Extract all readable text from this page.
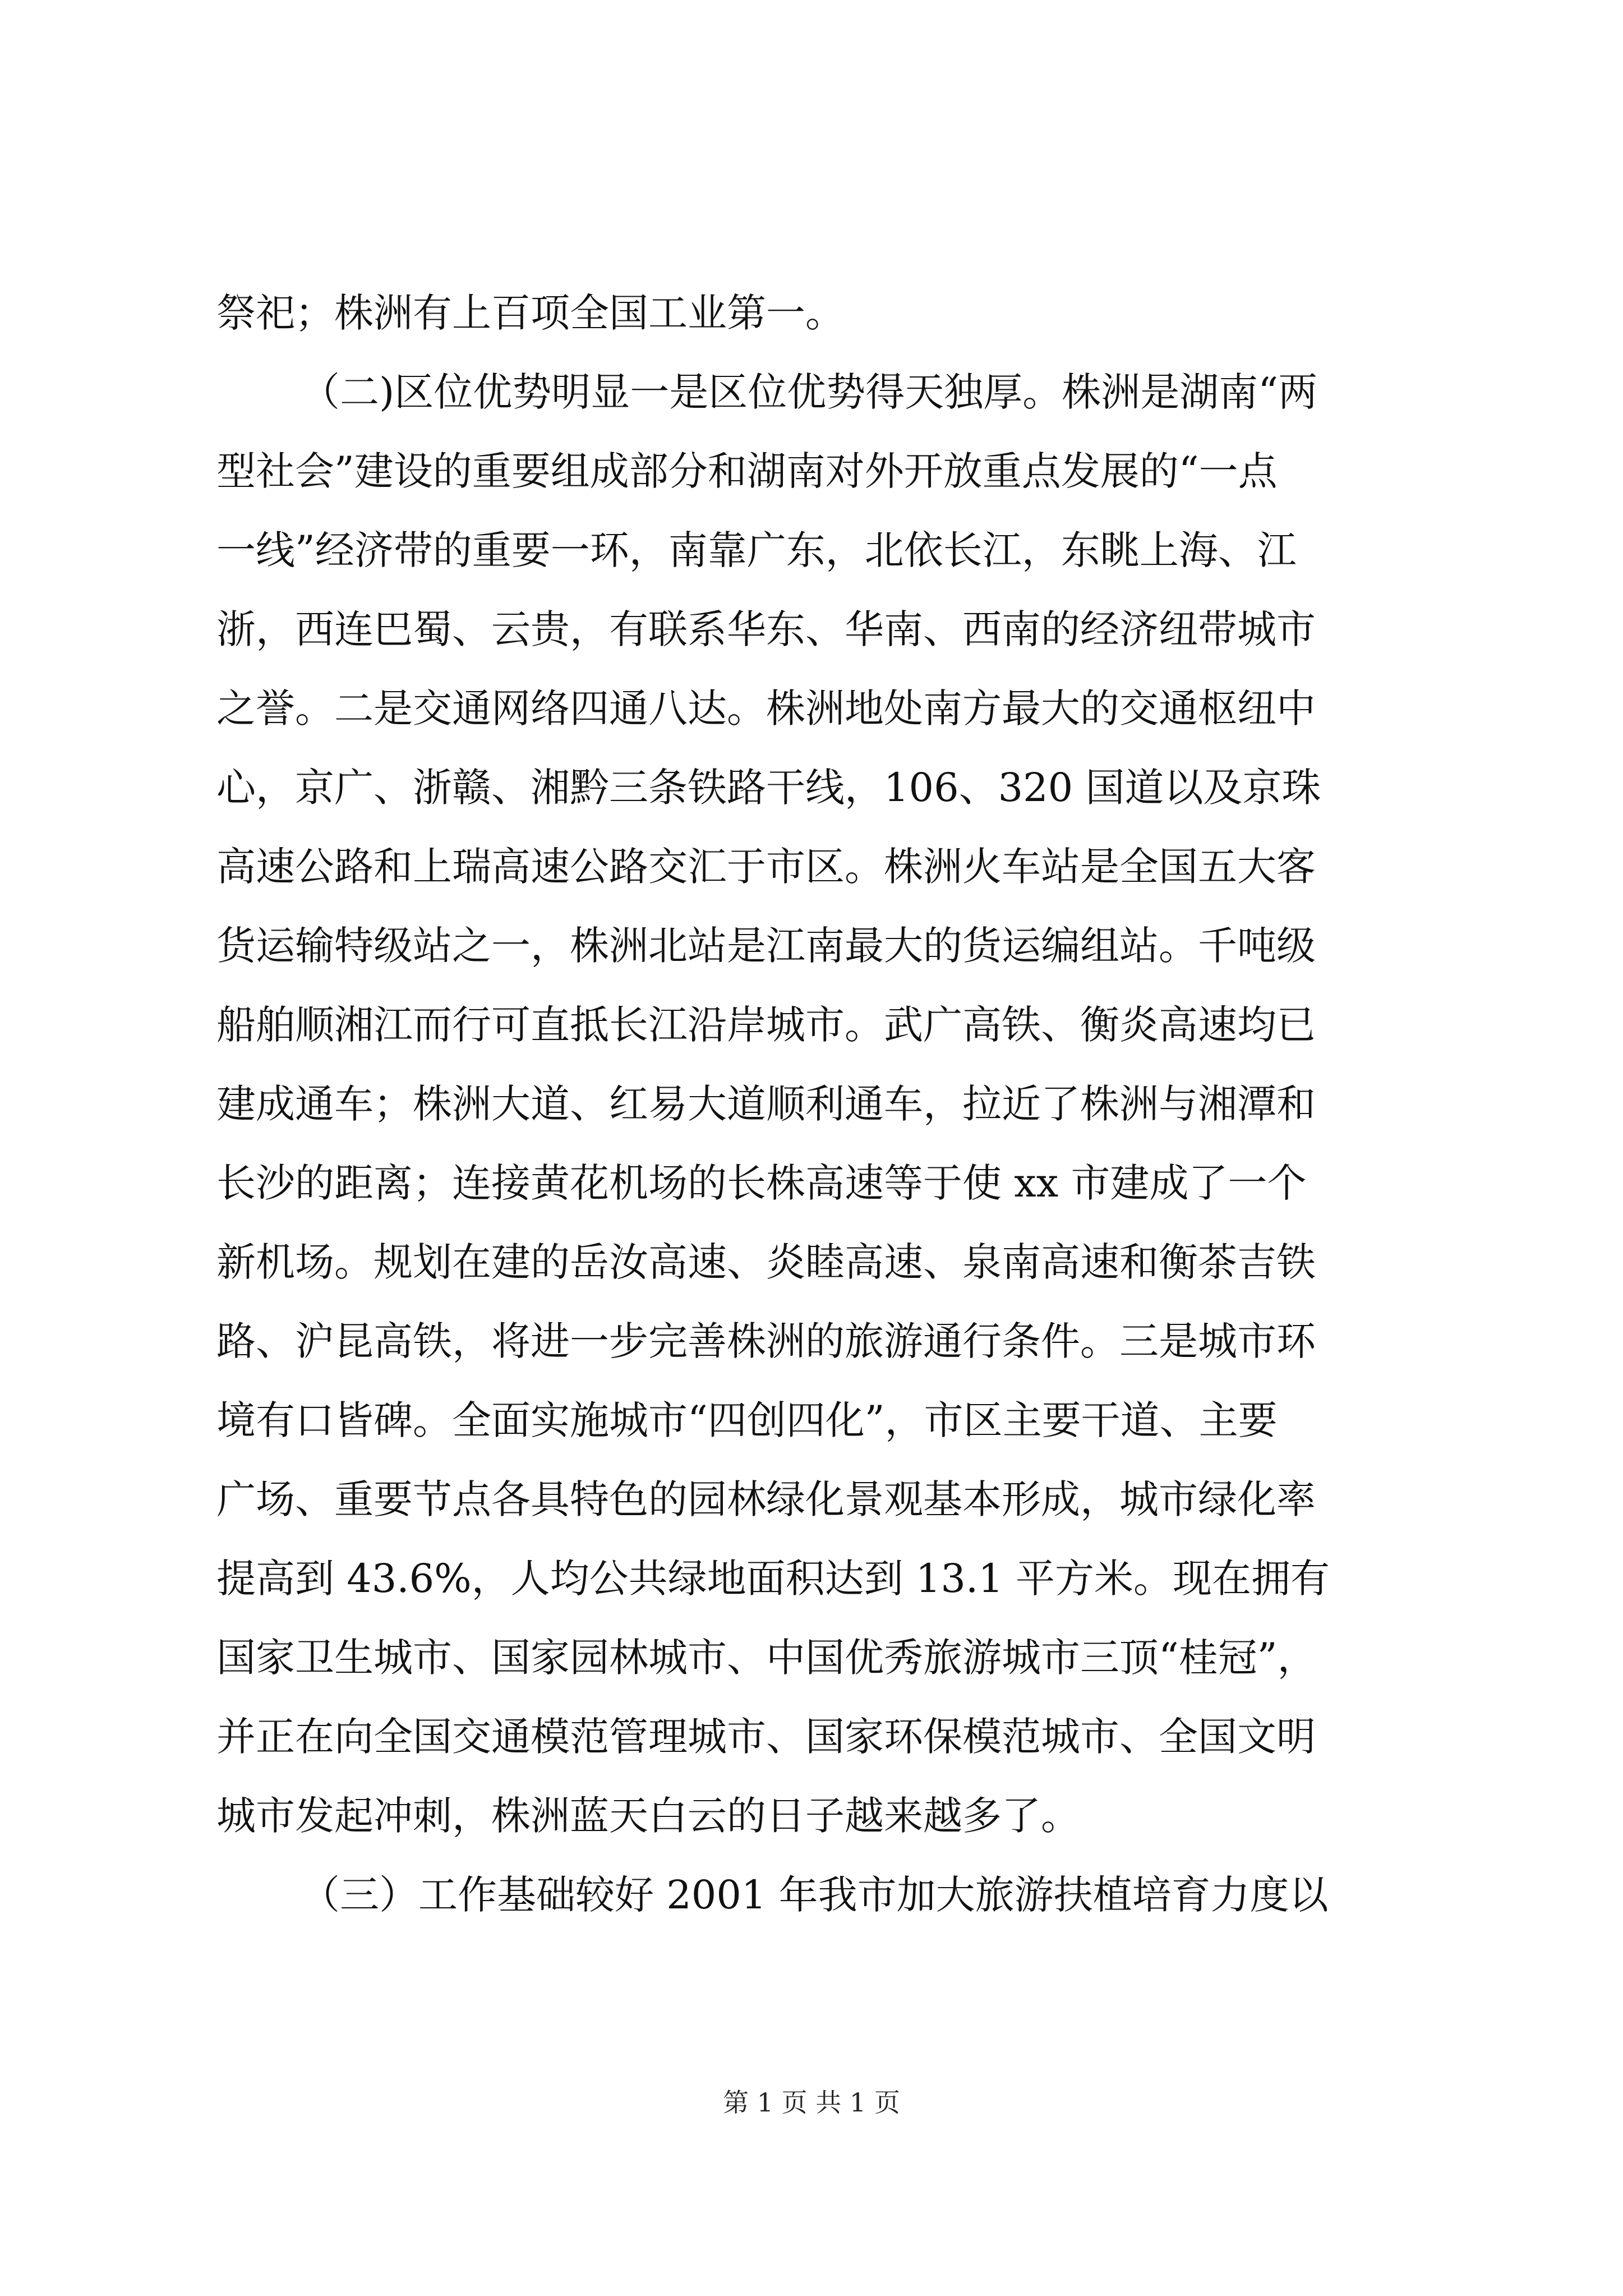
祭祀；株洲有上百项全国工业第一。
（二)区位优势明显一是区位优势得天独厚。株洲是湖南“两
型社会”建设的重要组成部分和湖南对外开放重点发展的“一点
一线”经济带的重要一环，南靠广东，北依长江，东眺上海、江
浙，西连巴蜀、云贵，有联系华东、华南、西南的经济纽带城市
之誉。二是交通网络四通八达。株洲地处南方最大的交通枢纽中
心，京广、浙赣、湘黔三条铁路干线，106、320 国道以及京珠
高速公路和上瑞高速公路交汇于市区。株洲火车站是全国五大客
货运输特级站之一，株洲北站是江南最大的货运编组站。千吨级
船舶顺湘江而行可直抵长江沿岸城市。武广高铁、衡炎高速均已
建成通车；株洲大道、红易大道顺利通车，拉近了株洲与湘潭和
长沙的距离；连接黄花机场的长株高速等于使 xx 市建成了一个
新机场。规划在建的岳汝高速、炎睦高速、泉南高速和衡茶吉铁
路、沪昆高铁，将进一步完善株洲的旅游通行条件。三是城市环
境有口皆碑。全面实施城市“四创四化”，市区主要干道、主要
广场、重要节点各具特色的园林绿化景观基本形成，城市绿化率
提高到 43.6%，人均公共绿地面积达到 13.1 平方米。现在拥有
国家卫生城市、国家园林城市、中国优秀旅游城市三顶“桂冠”，
并正在向全国交通模范管理城市、国家环保模范城市、全国文明
城市发起冲刺，株洲蓝天白云的日子越来越多了。
（三）工作基础较好 2001 年我市加大旅游扶植培育力度以
第 1 页 共 1 页
